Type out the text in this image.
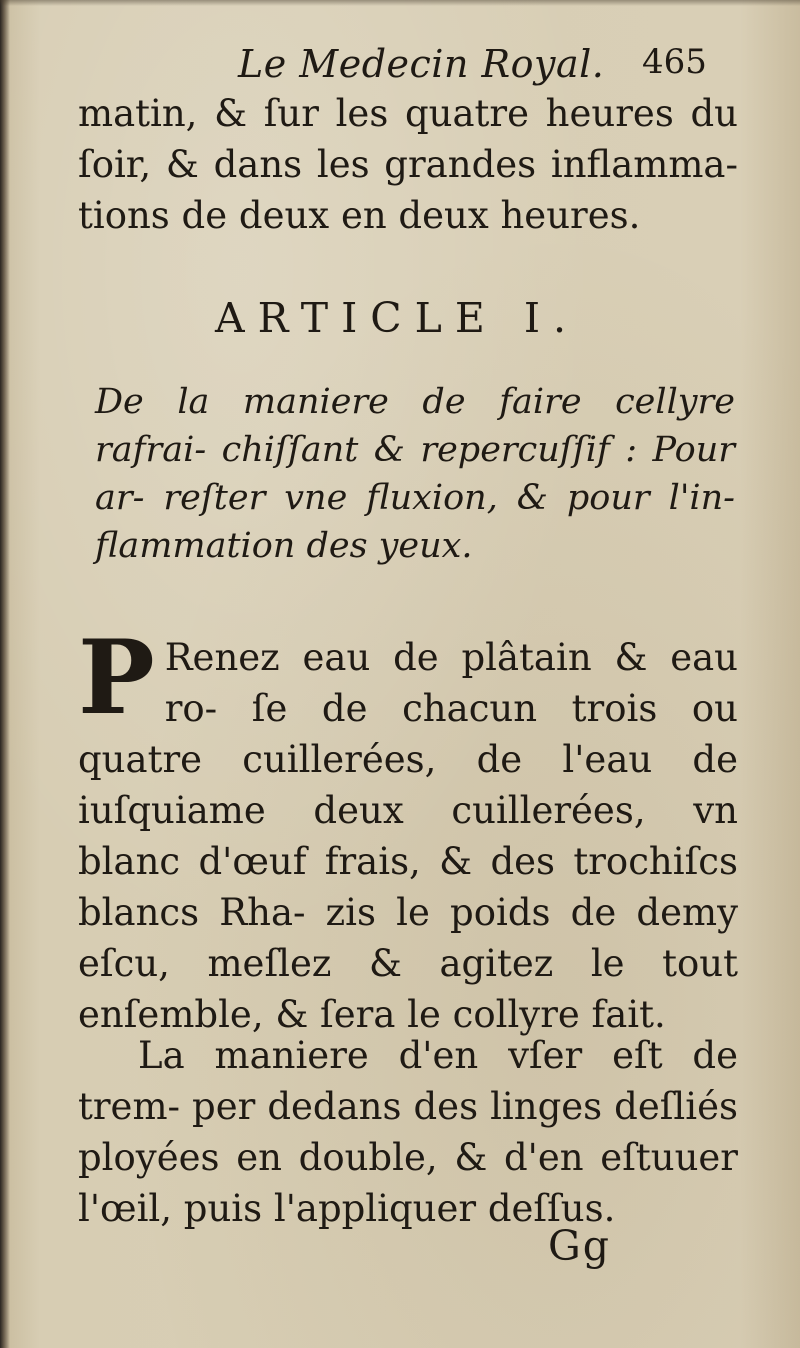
Le Medecin Royal. 465

matin, & ſur les quatre heures du ſoir, & dans les grandes inflamma- tions de deux en deux heures.

ARTICLE I.

De la maniere de faire cellyre rafrai- chiſſant & repercuſſif : Pour ar- reſter vne fluxion, & pour l'in- flammation des yeux.

P Renez eau de plâtain & eau ro- ſe de chacun trois ou quatre cuillerées, de l'eau de iuſquiame deux cuillerées, vn blanc d'œuf frais, & des trochiſcs blancs Rha- zis le poids de demy eſcu, meſlez & agitez le tout enſemble, & ſera le collyre fait.

La maniere d'en vſer eſt de trem- per dedans des linges deſliés ployées en double, & d'en eſtuuer l'œil, puis l'appliquer deſſus.

Gg
